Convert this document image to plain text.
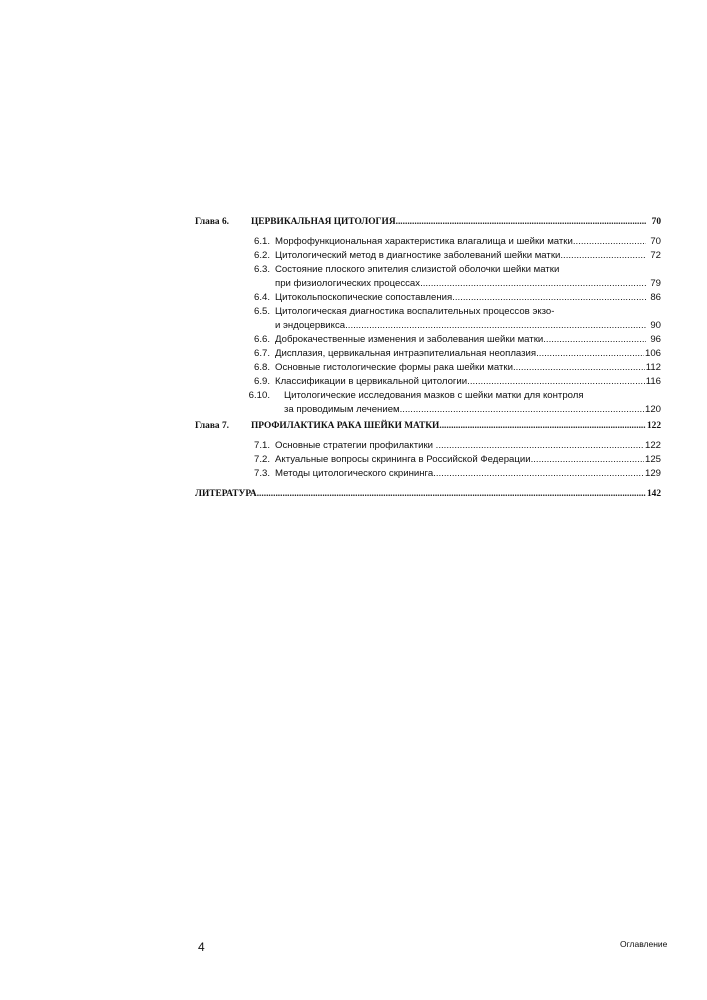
Глава 6.	ЦЕРВИКАЛЬНАЯ ЦИТОЛОГИЯ .....	70
6.1. Морфофункциональная характеристика влагалища и шейки матки .....	70
6.2. Цитологический метод в диагностике заболеваний шейки матки .....	72
6.3. Состояние плоского эпителия слизистой оболочки шейки матки
при физиологических процессах .....	79
6.4. Цитокольпоскопические сопоставления .....	86
6.5. Цитологическая диагностика воспалительных процессов экзо-
и эндоцервикса .....	90
6.6. Доброкачественные изменения и заболевания шейки матки .....	96
6.7. Дисплазия, цервикальная интраэпителиальная неоплазия .....	106
6.8. Основные гистологические формы рака шейки матки .....	112
6.9. Классификации в цервикальной цитологии .....	116
6.10. Цитологические исследования мазков с шейки матки для контроля
за проводимым лечением .....	120
Глава 7.	ПРОФИЛАКТИКА РАКА ШЕЙКИ МАТКИ .....	122
7.1. Основные стратегии профилактики ....... .....	122
7.2. Актуальные вопросы скрининга в Российской Федерации .....	125
7.3. Методы цитологического скрининга .....	129
ЛИТЕРАТУРА .....	142
4	Оглавление
